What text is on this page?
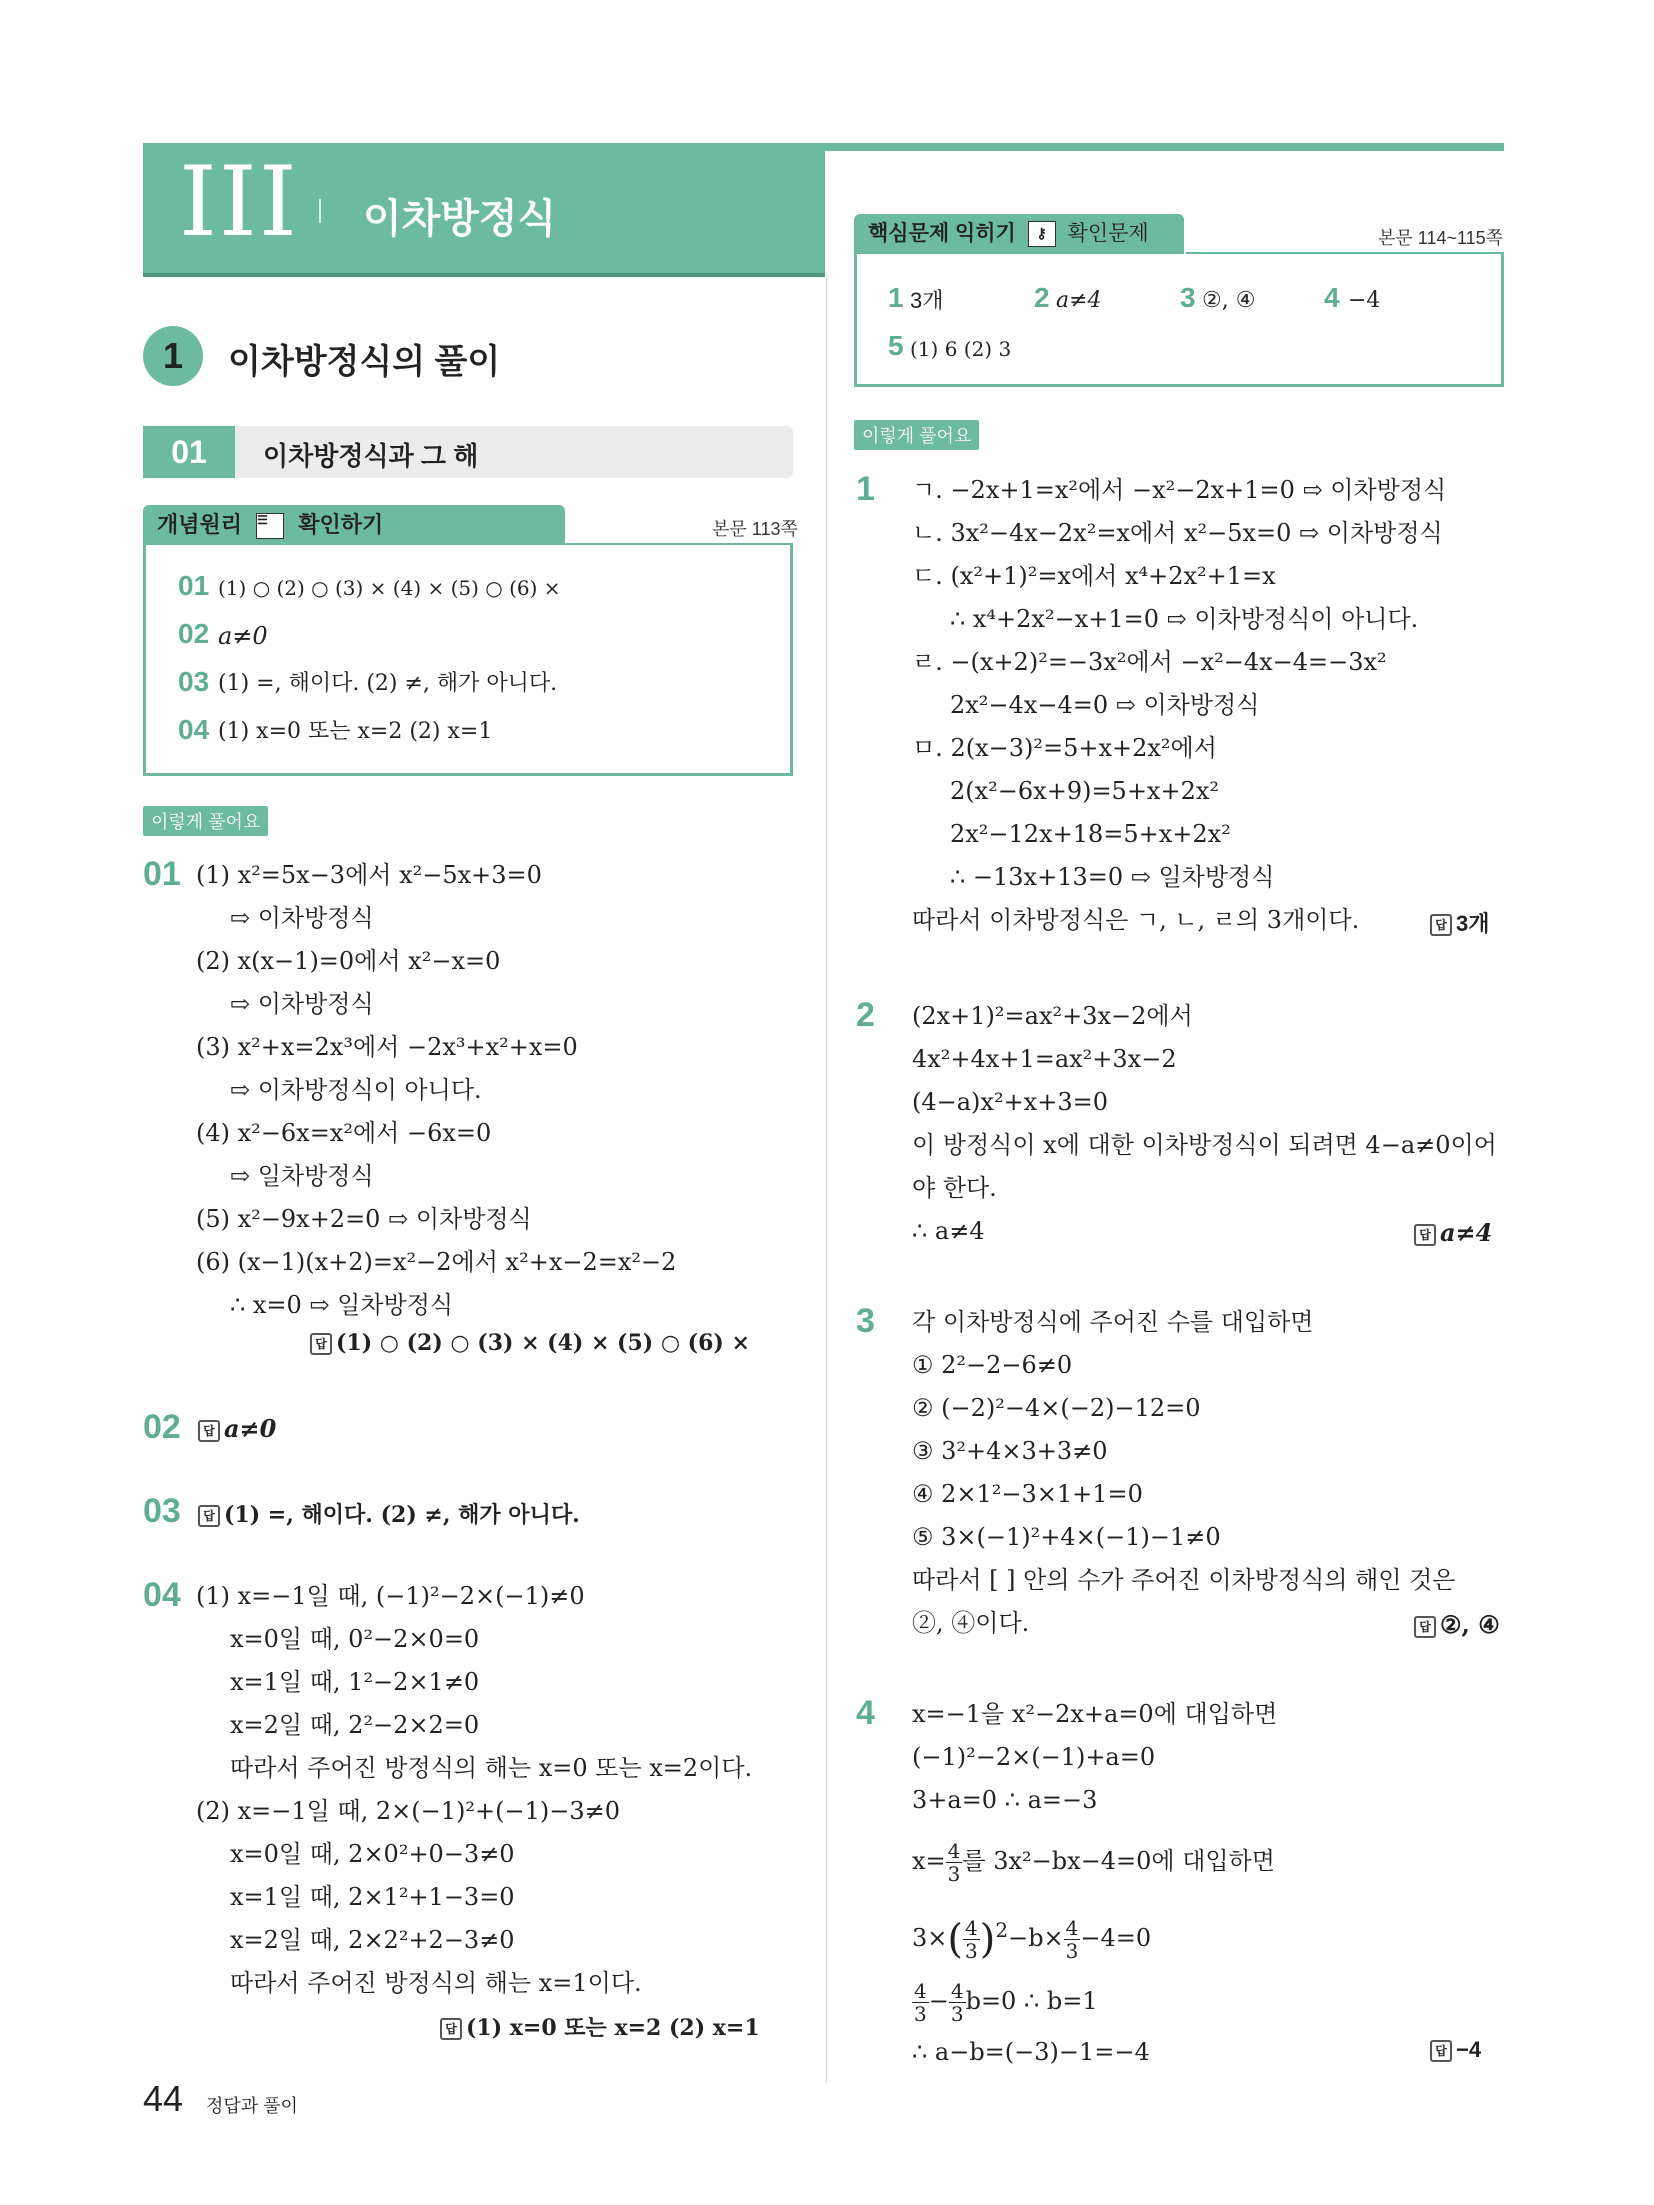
III 이차방정식
1	이차방정식의 풀이
01	이차방정식과 그 해
개념원리 ☰ 확인하기	본문 113쪽
01 (1) ○ (2) ○ (3) × (4) × (5) ○ (6) ×
02 a≠0
03 (1) =, 해이다. (2) ≠, 해가 아니다.
04 (1) x=0 또는 x=2 (2) x=1
이렇게 풀어요
01 (1) x²=5x−3에서 x²−5x+3=0
⇨ 이차방정식
(2) x(x−1)=0에서 x²−x=0
⇨ 이차방정식
(3) x²+x=2x³에서 −2x³+x²+x=0
⇨ 이차방정식이 아니다.
(4) x²−6x=x²에서 −6x=0
⇨ 일차방정식
(5) x²−9x+2=0 ⇨ 이차방정식
(6) (x−1)(x+2)=x²−2에서 x²+x−2=x²−2
∴ x=0 ⇨ 일차방정식
답 (1) ○ (2) ○ (3) × (4) × (5) ○ (6) ×
02	답 a≠0
03	답 (1) =, 해이다. (2) ≠, 해가 아니다.
04 (1) x=−1일 때, (−1)²−2×(−1)≠0
x=0일 때, 0²−2×0=0
x=1일 때, 1²−2×1≠0
x=2일 때, 2²−2×2=0
따라서 주어진 방정식의 해는 x=0 또는 x=2이다.
(2) x=−1일 때, 2×(−1)²+(−1)−3≠0
x=0일 때, 2×0²+0−3≠0
x=1일 때, 2×1²+1−3=0
x=2일 때, 2×2²+2−3≠0
따라서 주어진 방정식의 해는 x=1이다.
답 (1) x=0 또는 x=2 (2) x=1
44 정답과 풀이
핵심문제 익히기 ⚷ 확인문제	본문 114~115쪽
1 3개	2 a≠4	3 ②, ④ 4 −4
5 (1) 6 (2) 3
이렇게 풀어요
1 ㄱ. −2x+1=x²에서 −x²−2x+1=0 ⇨ 이차방정식
ㄴ. 3x²−4x−2x²=x에서 x²−5x=0 ⇨ 이차방정식
ㄷ. (x²+1)²=x에서 x⁴+2x²+1=x
∴ x⁴+2x²−x+1=0 ⇨ 이차방정식이 아니다.
ㄹ. −(x+2)²=−3x²에서 −x²−4x−4=−3x²
2x²−4x−4=0 ⇨ 이차방정식
ㅁ. 2(x−3)²=5+x+2x²에서
2(x²−6x+9)=5+x+2x²
2x²−12x+18=5+x+2x²
∴ −13x+13=0 ⇨ 일차방정식
따라서 이차방정식은 ㄱ, ㄴ, ㄹ의 3개이다.	답 3개
2 (2x+1)²=ax²+3x−2에서
4x²+4x+1=ax²+3x−2
(4−a)x²+x+3=0
이 방정식이 x에 대한 이차방정식이 되려면 4−a≠0이어
야 한다.
∴ a≠4	답 a≠4
3 각 이차방정식에 주어진 수를 대입하면
① 2²−2−6≠0
② (−2)²−4×(−2)−12=0
③ 3²+4×3+3≠0
④ 2×1²−3×1+1=0
⑤ 3×(−1)²+4×(−1)−1≠0
따라서 [ ] 안의 수가 주어진 이차방정식의 해인 것은
②, ④이다.	답 ②, ④
4 x=−1을 x²−2x+a=0에 대입하면
(−1)²−2×(−1)+a=0
3+a=0 ∴ a=−3
$x= \frac{4}{3}$ 를 3x²−bx−4=0에 대입하면
$3\times( \frac{4}{3} )^2-b\times \frac{4}{3} -4=0$
$\frac{4}{3} - \frac{4}{3} b=0$ ∴ b=1
∴ a−b=(−3)−1=−4	답 −4
